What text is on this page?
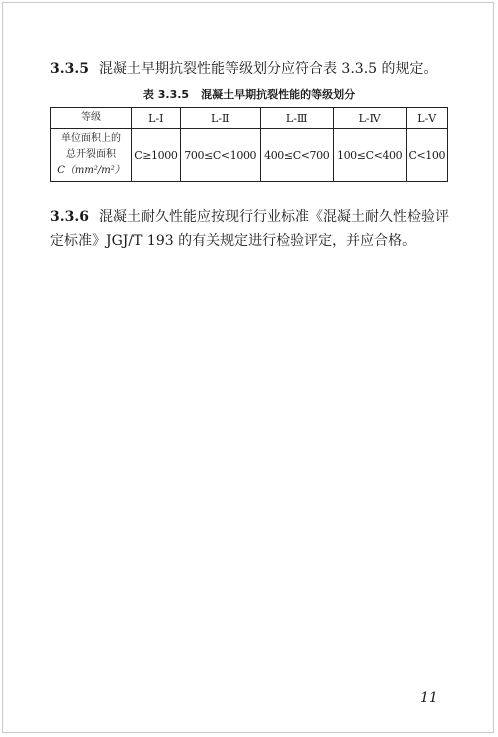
3.3.5 混凝土早期抗裂性能等级划分应符合表 3.3.5 的规定。
表 3.3.5 混凝土早期抗裂性能的等级划分
等级	L-Ⅰ	L-Ⅱ	L-Ⅲ	L-Ⅳ	L-Ⅴ

单位面积上的
总开裂面积
C（mm²/m²）	C≥1000	700≤C<1000	400≤C<700	100≤C<400	C<100
3.3.6 混凝土耐久性能应按现行行业标准《混凝土耐久性检验评定标准》JGJ/T 193 的有关规定进行检验评定，并应合格。
11
